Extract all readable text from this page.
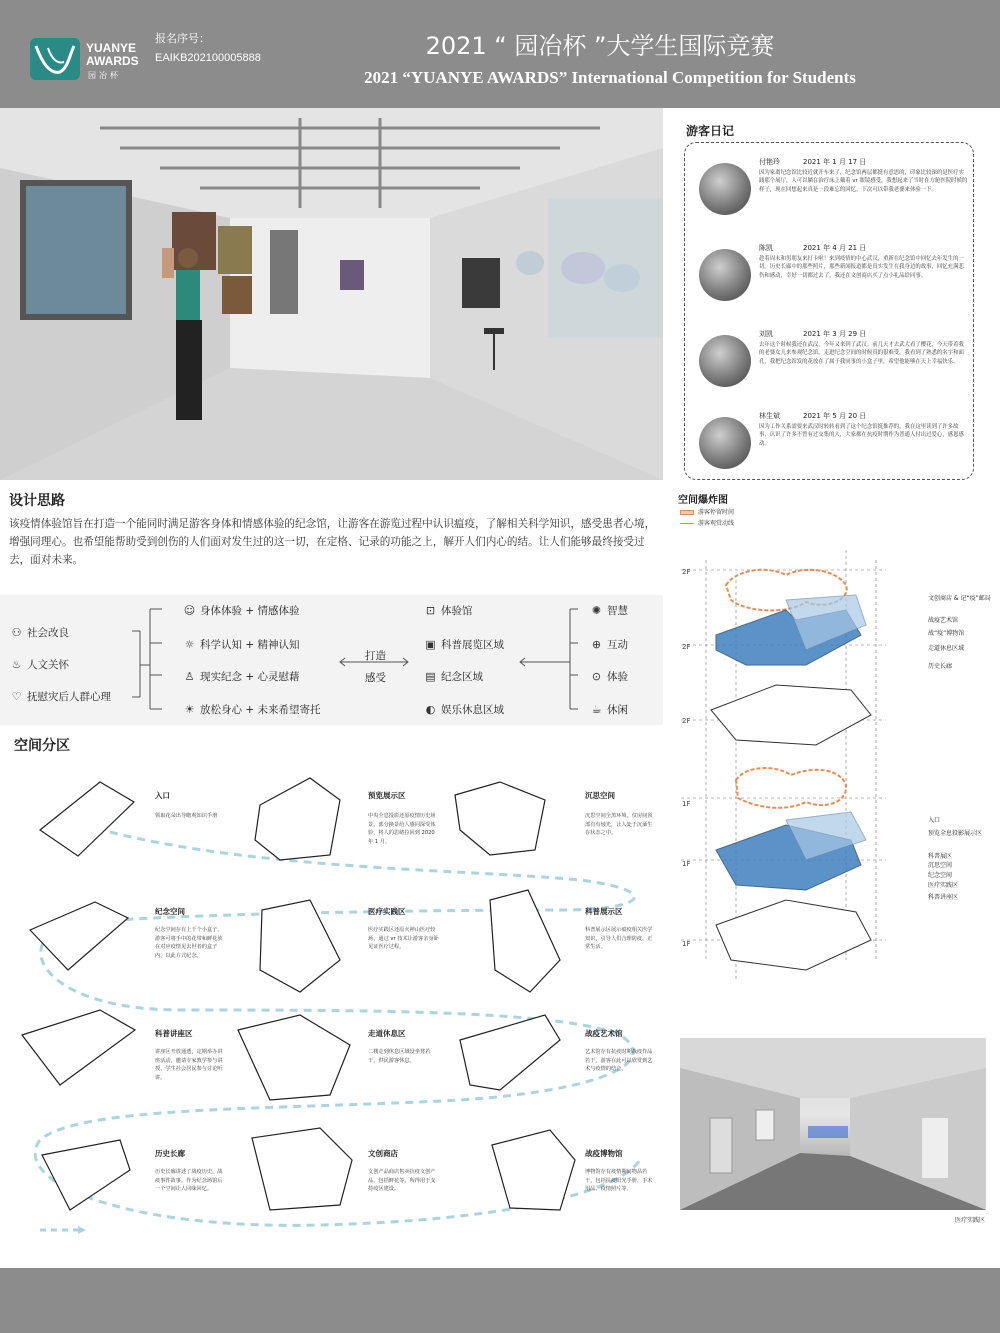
YUANYE
AWARDS
园冶杯
报名序号：
EAIKB202100005888	2021 “ 园冶杯 ”大学生国际竞赛
2021 “YUANYE AWARDS” International Competition for Students
游客日记
付艳玲	2021 年 1 月 17 日
因为家离纪念馆比较近就开车来了，纪念馆两层都挺有意思的，印象比较深的是医疗实践那个展厅，人可以躺在治疗床上戴着 vr 眼镜感受，我想起来了当时在方舱医院时候的样子，现在回想起来真是一段难忘的回忆。下次可以带我老婆来体验一下。
陈凯	2021 年 4 月 21 日
趁着周末和男朋友来打卡啦！来到疫情的中心武汉，重新在纪念馆中回忆去年发生的一切。历史长廊中的那些照片，那些新闻报道都是真实发生在我身边的故事，回忆充满悲伤和感动，幸好一切都过去了。我还在文创商店买了点小礼品给同事。
刘凯	2021 年 3 月 29 日
去年这个时候我还在武汉，今年又来到了武汉。前几天才去武大看了樱花，今天带着我的老婆女儿来参观纪念馆。走进纪念空间的时候真的很难受，我看到了熟悉的名字和面孔，我把纪念馆发的花放在了属于我同事的小盒子里，希望他能够在天上幸福快乐。
林生斌	2021 年 5 月 20 日
因为工作关系需要来武汉时转转看到了这个纪念馆挺推荐的。我在这里读到了许多故事，认识了许多不曾有过交集的人，大家都在抗疫时期作为普通人付出过爱心，感恩感动。
设计思路
该疫情体验馆旨在打造一个能同时满足游客身体和情感体验的纪念馆，让游客在游览过程中认识瘟疫，了解相关科学知识，感受患者心境，增强同理心。也希望能帮助受到创伤的人们面对发生过的这一切，在定格、记录的功能之上，解开人们内心的结。让人们能够最终接受过去，面对未来。
⚇ 社会改良
♨ 人文关怀
♡ 抚慰灾后人群心理
☺ 身体体验 + 情感体验
☼ 科学认知 + 精神认知
♙ 现实纪念 + 心灵慰藉
☀ 放松身心 + 未来希望寄托
打造
感受
⊡ 体验馆
▣ 科普展览区域
▤ 纪念区域
◐ 娱乐休息区域
✺ 智慧
⊕ 互动
⊙ 体验
☕ 休闲
空间爆炸图
游客停留时间
游客观赏动线
2F
2F
2F
1F
1F
1F
文创商店 & 记“疫”邮局
战疫艺术馆
战“疫”博物馆
走道休息区域
历史长廊
入口
预览全息投影展示区
科普展区
沉思空间
纪念空间
医疗实践区
科普讲座区
医疗实践区
空间分区
入口
领取花朵出导瞻观知识手册
预览展示区
中央全息投影还原疫情历史场景，部分换景给人感同深受体验，将人的思绪拉回到 2020 年 1 月。
沉思空间
沉思空间全黑环境，仅房间顶部有有烛光，让人处于沉湎生存状态之中。
纪念空间
纪念空间存有上千个小盒子，游客可将手中的花带和鲜花放在对应疫情见去世者的盒子内，以此方式纪念。
医疗实践区
医疗实践区还原火神山医疗较场，通过 vr 技术让游客亲身卧见证医疗过程。
科普展示区
科普展示区展示瘟疫相关医学知识，引导人们合理防疫，正常生活。
科普讲座区
讲座区开放通透，定期举办讲座活动，邀请专家教学参与讲授，学生社会居民参与讨论听讲。
走道休息区
二楼走到休息区域设坐凳若干，供民游客休息。
战疫艺术馆
艺术馆存有抗疫时期战疫作品若干，游客在此可以欣赏到艺术与疫情的结合。
历史长廊
历史长廊讲述了战疫历史，战疫事件故事。作为纪念场馆后一个空间让人回味回忆。
文创商店
文创产品商店售卖抗疫文创产品，包括鲜花等。所得用于支持疫区建设。
战疫博物馆
博物馆存有疫情期间物品若干，包括抗疫阳光手册、手术用品、疫情照片等。
